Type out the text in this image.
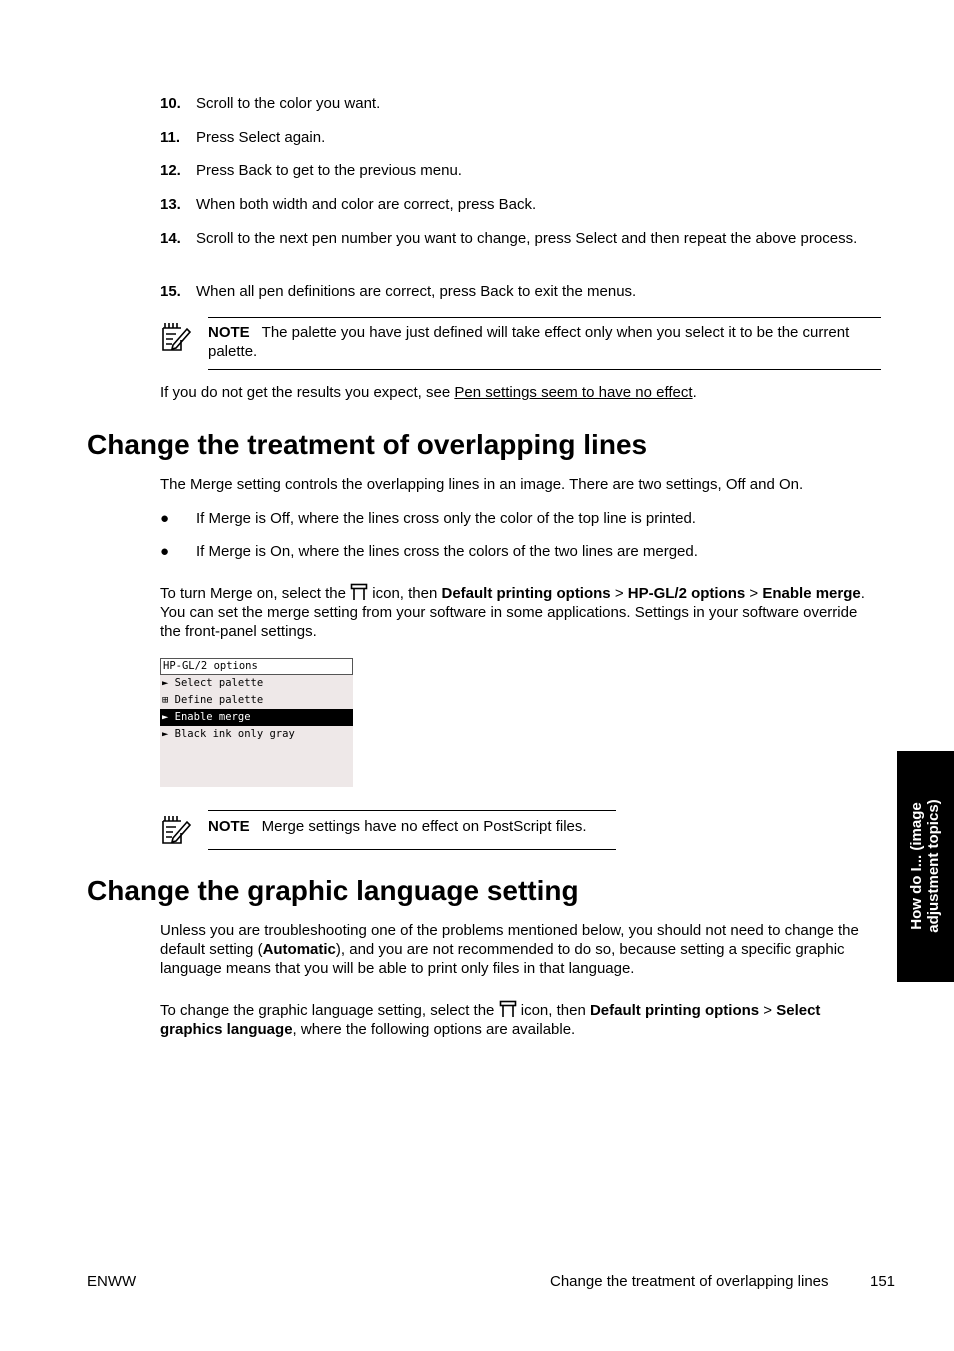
10. Scroll to the color you want.
11. Press Select again.
12. Press Back to get to the previous menu.
13. When both width and color are correct, press Back.
14. Scroll to the next pen number you want to change, press Select and then repeat the above process.
15. When all pen definitions are correct, press Back to exit the menus.
NOTE The palette you have just defined will take effect only when you select it to be the current palette.
If you do not get the results you expect, see Pen settings seem to have no effect.
Change the treatment of overlapping lines
The Merge setting controls the overlapping lines in an image. There are two settings, Off and On.
● If Merge is Off, where the lines cross only the color of the top line is printed.
● If Merge is On, where the lines cross the colors of the two lines are merged.
To turn Merge on, select the  icon, then Default printing options > HP-GL/2 options > Enable merge. You can set the merge setting from your software in some applications. Settings in your software override the front-panel settings.
HP-GL/2 options
► Select palette
⊞ Define palette
► Enable merge
► Black ink only gray
NOTE Merge settings have no effect on PostScript files.
Change the graphic language setting
Unless you are troubleshooting one of the problems mentioned below, you should not need to change the default setting (Automatic), and you are not recommended to do so, because setting a specific graphic language means that you will be able to print only files in that language.
To change the graphic language setting, select the  icon, then Default printing options > Select graphics language, where the following options are available.
How do I... (image adjustment topics)
ENWW	Change the treatment of overlapping lines	151
